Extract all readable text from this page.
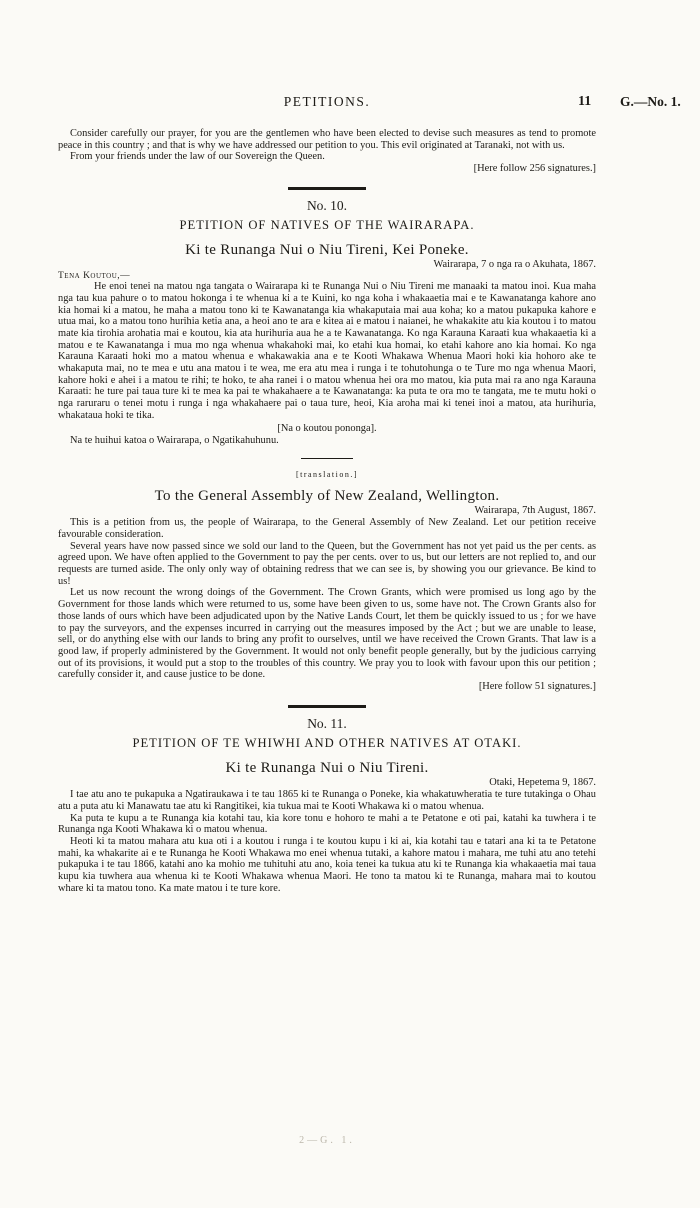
PETITIONS.	11 G.—No. 1.

Consider carefully our prayer, for you are the gentlemen who have been elected to devise such measures as tend to promote peace in this country ; and that is why we have addressed our petition to you. This evil originated at Taranaki, not with us.

From your friends under the law of our Sovereign the Queen.

[Here follow 256 signatures.]
No. 10.
PETITION OF NATIVES OF THE WAIRARAPA.
Ki te Runanga Nui o Niu Tireni, Kei Poneke.
Wairarapa, 7 o nga ra o Akuhata, 1867.
Tena Koutou,—

He enoi tenei na matou nga tangata o Wairarapa ki te Runanga Nui o Niu Tireni me manaaki ta matou inoi. Kua maha nga tau kua pahure o to matou hokonga i te whenua ki a te Kuini, ko nga koha i whakaaetia mai e te Kawanatanga kahore ano kia homai ki a matou, he maha a matou tono ki te Kawanatanga kia whakaputaia mai aua koha; ko a matou pukapuka kahore e utua mai, ko a matou tono hurihia ketia ana, a heoi ano te ara e kitea ai e matou i naianei, he whakakite atu kia koutou i to matou mate kia tirohia arohatia mai e koutou, kia ata hurihuria aua he a te Kawanatanga. Ko nga Karauna Karaati kua whakaaetia ki a matou e te Kawanatanga i mua mo nga whenua whakahoki mai, ko etahi kua homai, ko etahi kahore ano kia homai. Ko nga Karauna Karaati hoki mo a matou whenua e whakawakia ana e te Kooti Whakawa Whenua Maori hoki kia hohoro ake te whakaputa mai, no te mea e utu ana matou i te wea, me era atu mea i runga i te tohutohunga o te Ture mo nga whenua Maori, kahore hoki e ahei i a matou te rihi; te hoko, te aha ranei i o matou whenua hei ora mo matou, kia puta mai ra ano nga Karauna Karaati: he ture pai taua ture ki te mea ka pai te whakahaere a te Kawanatanga: ka puta te ora mo te tangata, me te mutu hoki o nga raruraru o tenei motu i runga i nga whakahaere pai o taua ture, heoi, Kia aroha mai ki tenei inoi a matou, ata hurihuria, whakataua hoki te tika.

[Na o koutou pononga].

Na te huihui katoa o Wairarapa, o Ngatikahuhunu.

[translation.]
To the General Assembly of New Zealand, Wellington.
Wairarapa, 7th August, 1867.

This is a petition from us, the people of Wairarapa, to the General Assembly of New Zealand. Let our petition receive favourable consideration.

Several years have now passed since we sold our land to the Queen, but the Government has not yet paid us the per cents. as agreed upon. We have often applied to the Government to pay the per cents. over to us, but our letters are not replied to, and our requests are turned aside. The only only way of obtaining redress that we can see is, by showing you our grievance. Be kind to us!

Let us now recount the wrong doings of the Government. The Crown Grants, which were promised us long ago by the Government for those lands which were returned to us, some have been given to us, some have not. The Crown Grants also for those lands of ours which have been adjudicated upon by the Native Lands Court, let them be quickly issued to us ; for we have to pay the surveyors, and the expenses incurred in carrying out the measures imposed by the Act ; but we are unable to lease, sell, or do anything else with our lands to bring any profit to ourselves, until we have received the Crown Grants. That law is a good law, if properly administered by the Government. It would not only benefit people generally, but by the judicious carrying out of its provisions, it would put a stop to the troubles of this country. We pray you to look with favour upon this our petition ; carefully consider it, and cause justice to be done.

[Here follow 51 signatures.]
No. 11.
PETITION OF TE WHIWHI AND OTHER NATIVES AT OTAKI.
Ki te Runanga Nui o Niu Tireni.
Otaki, Hepetema 9, 1867.

I tae atu ano te pukapuka a Ngatiraukawa i te tau 1865 ki te Runanga o Poneke, kia whakatuwheratia te ture tutakinga o Ohau atu a puta atu ki Manawatu tae atu ki Rangitikei, kia tukua mai te Kooti Whakawa ki o matou whenua.

Ka puta te kupu a te Runanga kia kotahi tau, kia kore tonu e hohoro te mahi a te Petatone e oti pai, katahi ka tuwhera i te Runanga nga Kooti Whakawa ki o matou whenua.

Heoti ki ta matou mahara atu kua oti i a koutou i runga i te koutou kupu i ki ai, kia kotahi tau e tatari ana ki ta te Petatone mahi, ka whakarite ai e te Runanga he Kooti Whakawa mo enei whenua tutaki, a kahore matou i mahara, me tuhi atu ano tetehi pukapuka i te tau 1866, katahi ano ka mohio me tuhituhi atu ano, koia tenei ka tukua atu ki te Runanga kia whakaaetia mai taua kupu kia tuwhera aua whenua ki te Kooti Whakawa whenua Maori. He tono ta matou ki te Runanga, mahara mai to koutou whare ki ta matou tono. Ka mate matou i te ture kore.

2—G. 1.
